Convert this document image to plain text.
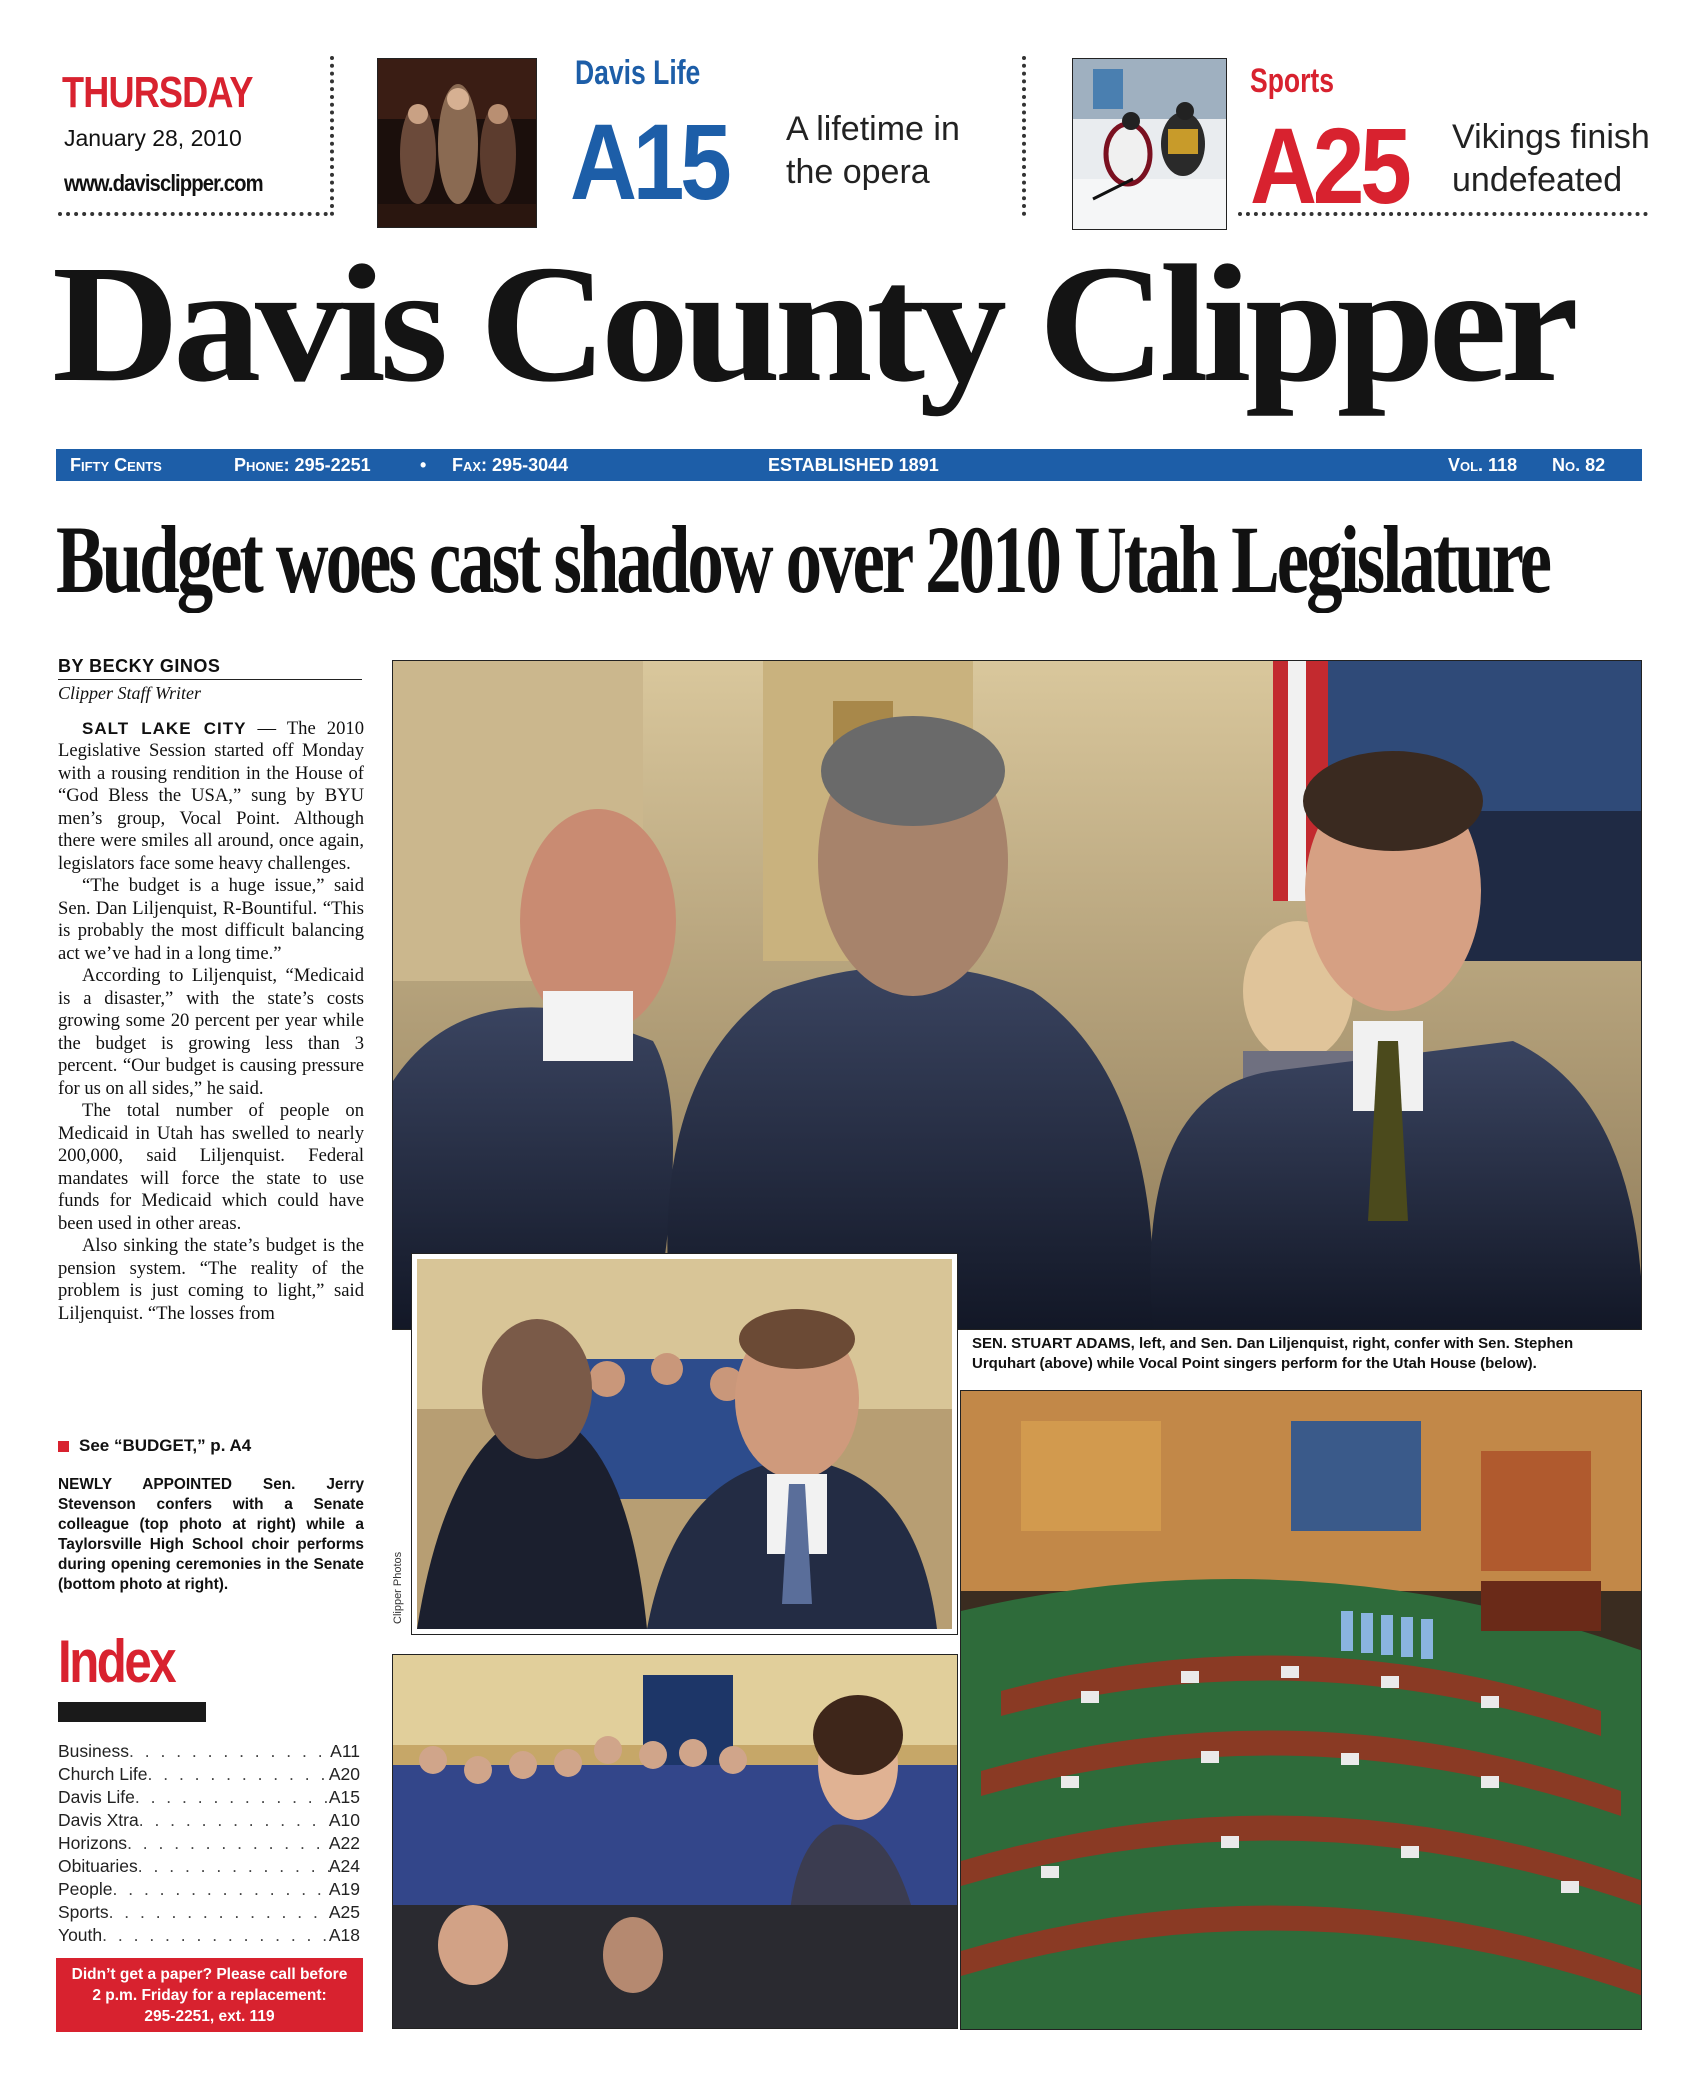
THURSDAY
January 28, 2010
www.davisclipper.com
Davis Life
A15 A lifetime in
the opera
Sports
A25 Vikings finish
undefeated
Davis County Clipper
Fifty Cents	Phone: 295-2251	• Fax: 295-3044	ESTABLISHED 1891	Vol. 118 No. 82
Budget woes cast shadow over 2010 Utah Legislature
BY BECKY GINOS
Clipper Staff Writer

SALT LAKE CITY — The 2010 Legislative Session started off Monday with a rousing rendition in the House of “God Bless the USA,” sung by BYU men’s group, Vocal Point. Although there were smiles all around, once again, legislators face some heavy challenges.

“The budget is a huge issue,” said Sen. Dan Liljenquist, R-Bountiful. “This is probably the most difficult balancing act we’ve had in a long time.”

According to Liljenquist, “Medicaid is a disaster,” with the state’s costs growing some 20 percent per year while the budget is growing less than 3 percent. “Our budget is causing pressure for us on all sides,” he said.

The total number of people on Medicaid in Utah has swelled to nearly 200,000, said Liljenquist. Federal mandates will force the state to use funds for Medicaid which could have been used in other areas.

Also sinking the state’s budget is the pension system. “The reality of the problem is just coming to light,” said Liljenquist. “The losses from

See “BUDGET,” p. A4
NEWLY APPOINTED Sen. Jerry Stevenson confers with a Senate colleague (top photo at right) while a Taylorsville High School choir performs during opening ceremonies in the Senate (bottom photo at right).
Index
Business . . .	A11
Church Life . . .	A20
Davis Life . . .	A15
Davis Xtra . . .	A10
Horizons . . .	A22
Obituaries . . .	A24
People . . .	A19
Sports . . .	A25
Youth . . .	A18
Didn’t get a paper? Please call before
2 p.m. Friday for a replacement:
295-2251, ext. 119
Clipper Photos
SEN. STUART ADAMS, left, and Sen. Dan Liljenquist, right, confer with Sen. Stephen Urquhart (above) while Vocal Point singers perform for the Utah House (below).
